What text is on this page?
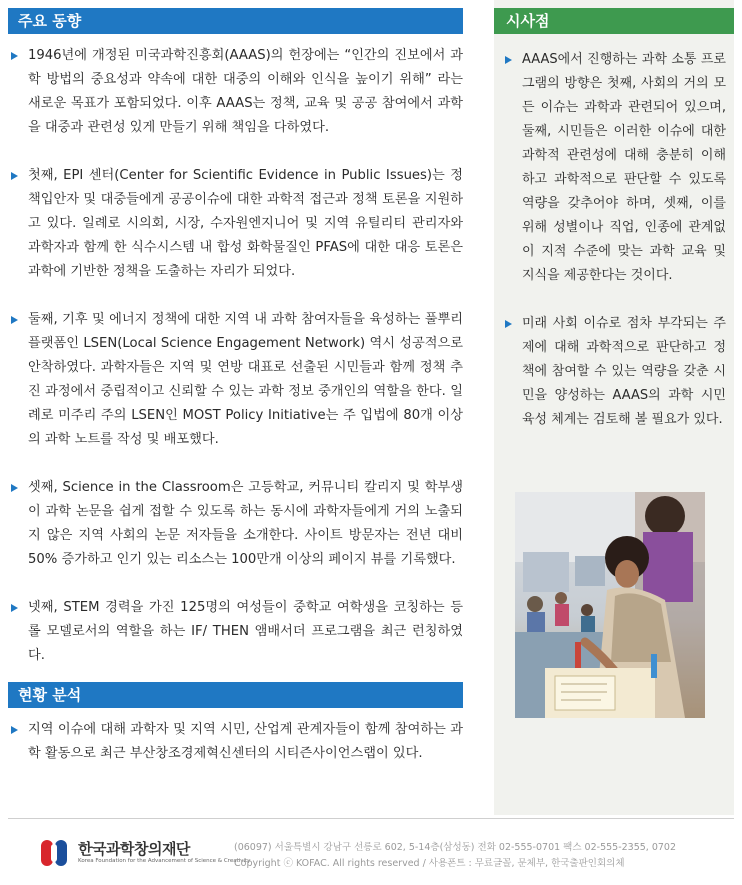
주요 동향
1946년에 개정된 미국과학진흥회(AAAS)의 헌장에는 “인간의 진보에서 과학 방법의 중요성과 약속에 대한 대중의 이해와 인식을 높이기 위해” 라는 새로운 목표가 포함되었다. 이후 AAAS는 정책, 교육 및 공공 참여에서 과학을 대중과 관련성 있게 만들기 위해 책임을 다하였다.
첫째, EPI 센터(Center for Scientific Evidence in Public Issues)는 정책입안자 및 대중들에게 공공이슈에 대한 과학적 접근과 정책 토론을 지원하고 있다. 일례로 시의회, 시장, 수자원엔지니어 및 지역 유틸리티 관리자와 과학자과 함께 한 식수시스템 내 합성 화학물질인 PFAS에 대한 대응 토론은 과학에 기반한 정책을 도출하는 자리가 되었다.
둘째, 기후 및 에너지 정책에 대한 지역 내 과학 참여자들을 육성하는 풀뿌리 플랫폼인 LSEN(Local Science Engagement Network) 역시 성공적으로 안착하였다. 과학자들은 지역 및 연방 대표로 선출된 시민들과 함께 정책 추진 과정에서 중립적이고 신뢰할 수 있는 과학 정보 중개인의 역할을 한다. 일례로 미주리 주의 LSEN인 MOST Policy Initiative는 주 입법에 80개 이상의 과학 노트를 작성 및 배포했다.
셋째, Science in the Classroom은 고등학교, 커뮤니티 칼리지 및 학부생이 과학 논문을 쉽게 접할 수 있도록 하는 동시에 과학자들에게 거의 노출되지 않은 지역 사회의 논문 저자들을 소개한다. 사이트 방문자는 전년 대비 50% 증가하고 인기 있는 리소스는 100만개 이상의 페이지 뷰를 기록했다.
넷째, STEM 경력을 가진 125명의 여성들이 중학교 여학생을 코칭하는 등 롤 모델로서의 역할을 하는 IF/ THEN 앰배서더 프로그램을 최근 런칭하였다.
현황 분석
지역 이슈에 대해 과학자 및 지역 시민, 산업계 관계자들이 함께 참여하는 과학 활동으로 최근 부산창조경제혁신센터의 시티즌사이언스랩이 있다.
시사점
AAAS에서 진행하는 과학 소통 프로그램의 방향은 첫째, 사회의 거의 모든 이슈는 과학과 관련되어 있으며, 둘째, 시민들은 이러한 이슈에 대한 과학적 관련성에 대해 충분히 이해하고 과학적으로 판단할 수 있도록 역량을 갖추어야 하며, 셋째, 이를 위해 성별이나 직업, 인종에 관계없이 지적 수준에 맞는 과학 교육 및 지식을 제공한다는 것이다.
미래 사회 이슈로 점차 부각되는 주제에 대해 과학적으로 판단하고 정책에 참여할 수 있는 역량을 갖춘 시민을 양성하는 AAAS의 과학 시민 육성 체계는 검토해 볼 필요가 있다.
한국과학창의재단
Korea Foundation for the Advancement of Science & Creativity
(06097) 서울특별시 강남구 선릉로 602, 5-14층(삼성동) 전화 02-555-0701 팩스 02-555-2355, 0702
Copyright ⓒ KOFAC. All rights reserved / 사용폰트 : 무료글꼴, 문체부, 한국출판인회의체
